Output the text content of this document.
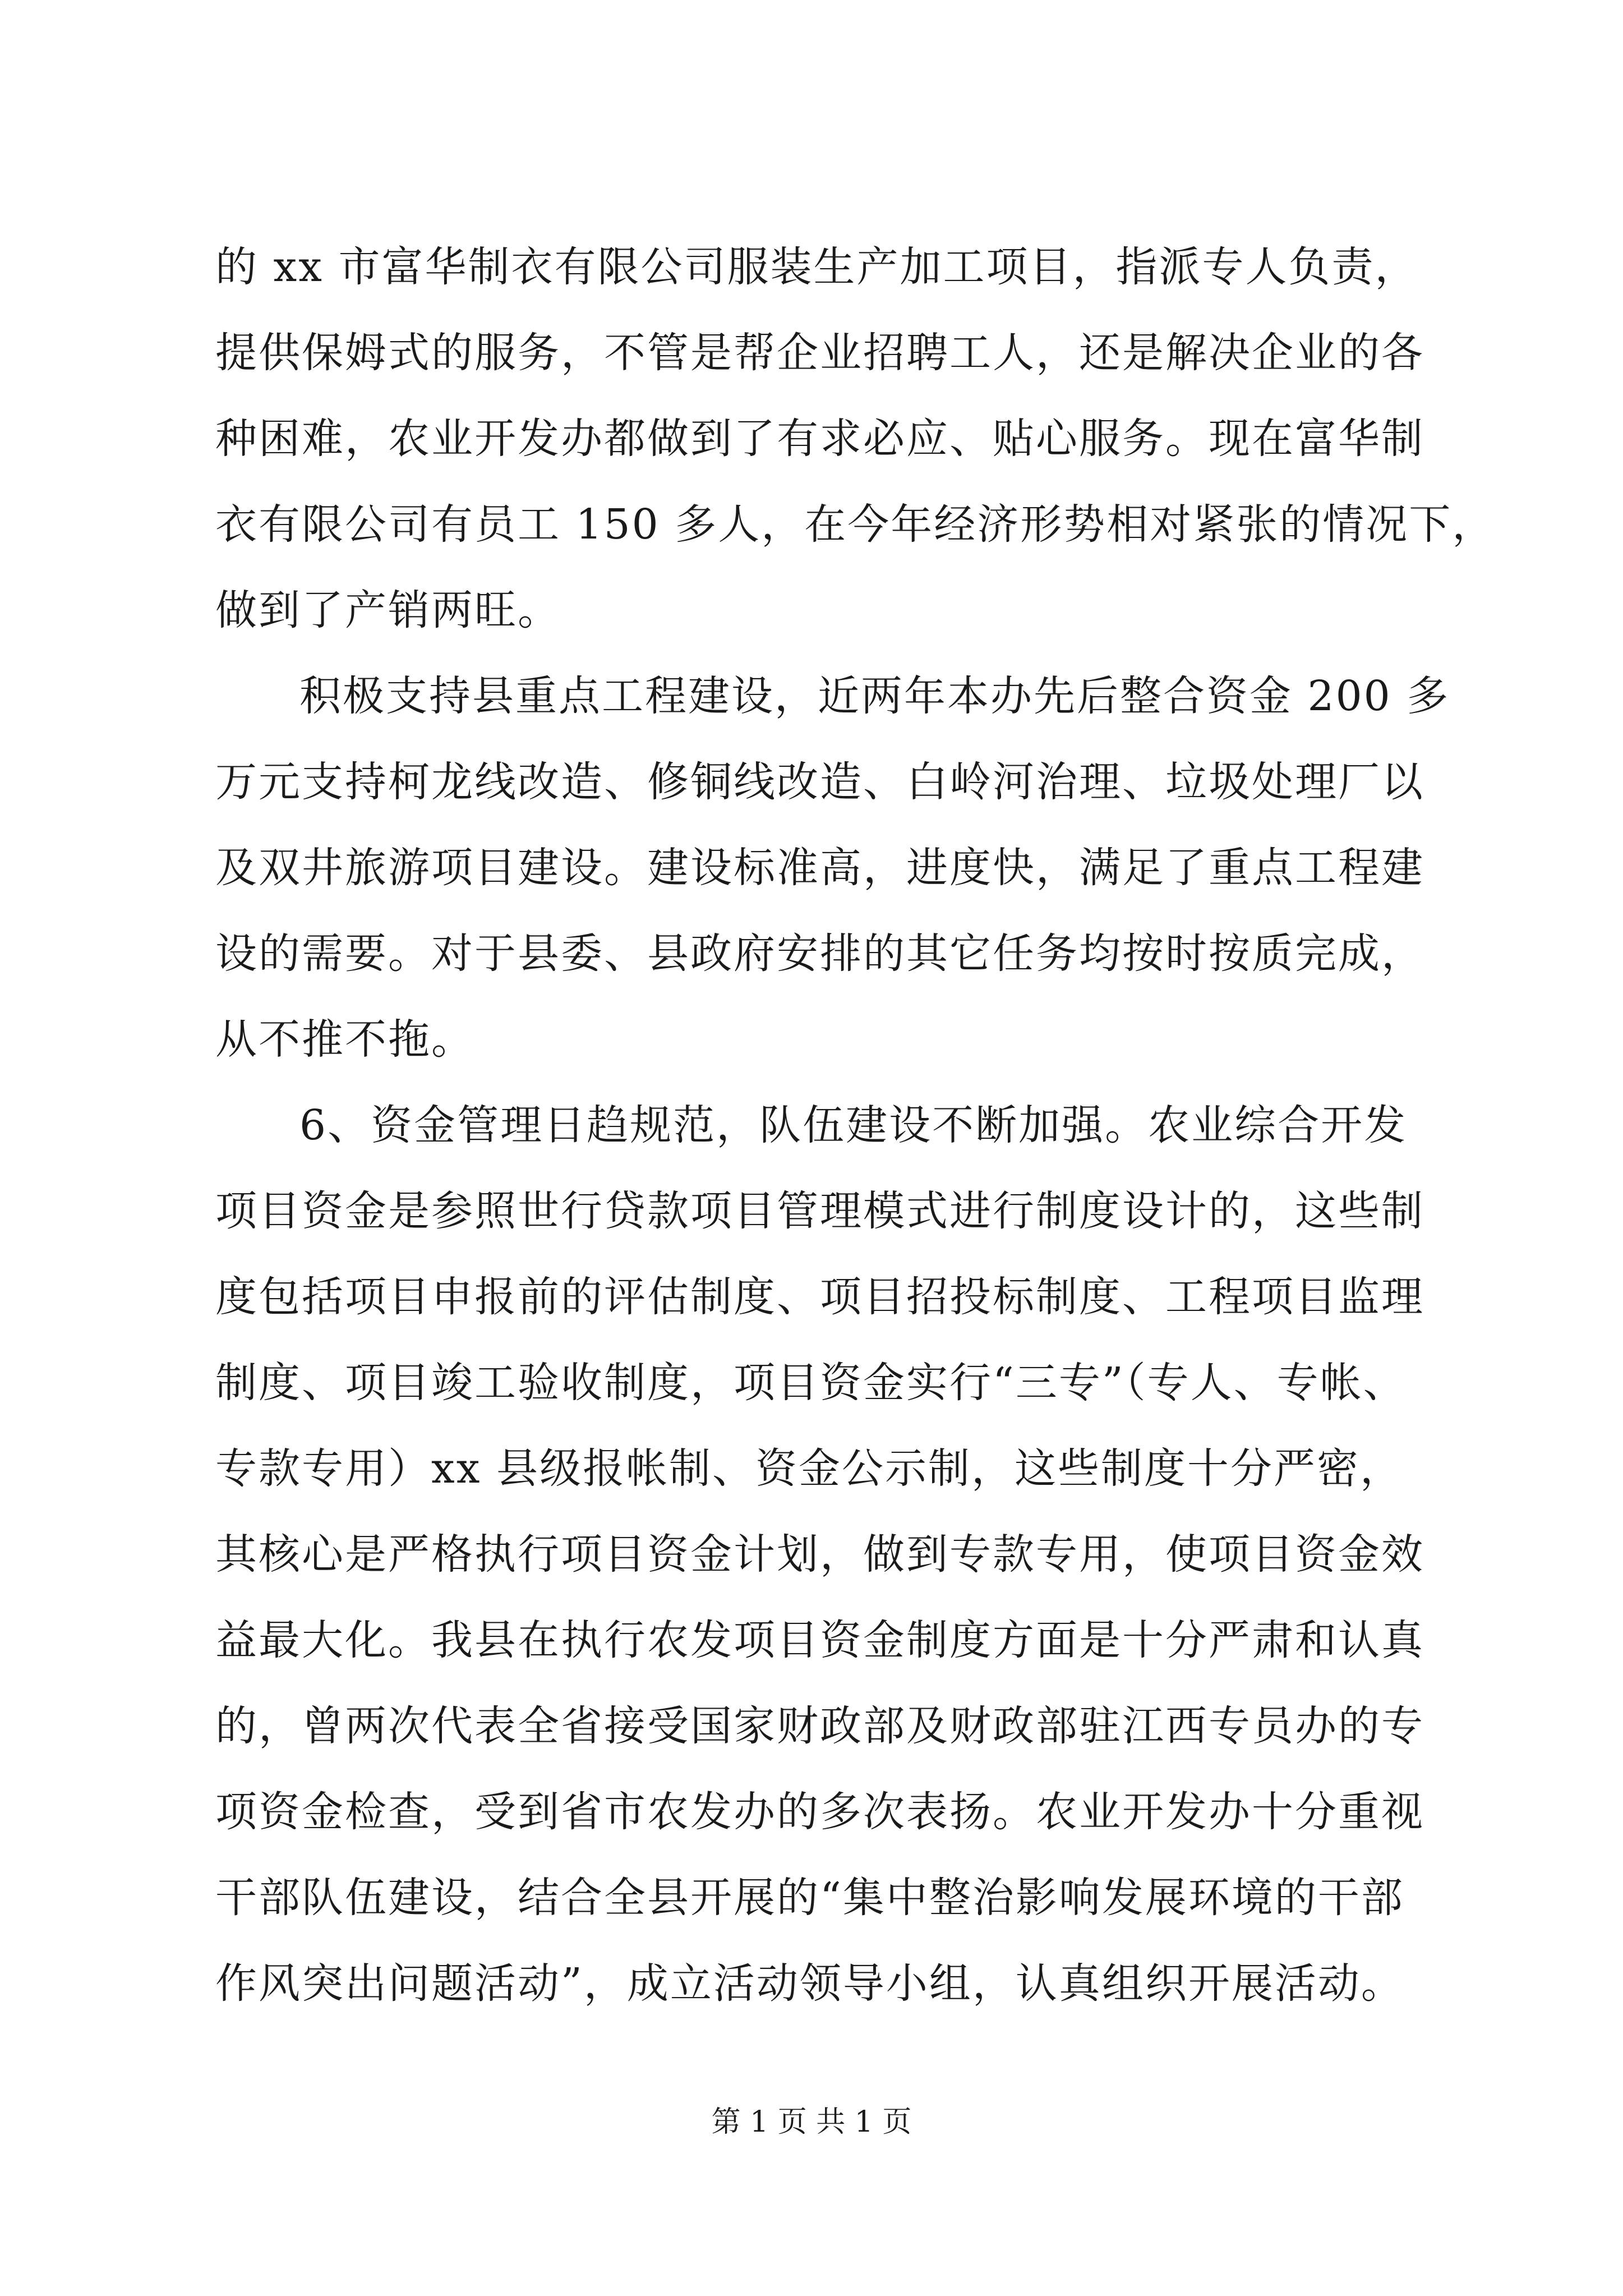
的 xx 市富华制衣有限公司服装生产加工项目，指派专人负责，
提供保姆式的服务，不管是帮企业招聘工人，还是解决企业的各
种困难，农业开发办都做到了有求必应、贴心服务。现在富华制
衣有限公司有员工 150 多人，在今年经济形势相对紧张的情况下，
做到了产销两旺。
积极支持县重点工程建设，近两年本办先后整合资金 200 多
万元支持柯龙线改造、修铜线改造、白岭河治理、垃圾处理厂以
及双井旅游项目建设。建设标准高，进度快，满足了重点工程建
设的需要。对于县委、县政府安排的其它任务均按时按质完成，
从不推不拖。
6、资金管理日趋规范，队伍建设不断加强。农业综合开发
项目资金是参照世行贷款项目管理模式进行制度设计的，这些制
度包括项目申报前的评估制度、项目招投标制度、工程项目监理
制度、项目竣工验收制度，项目资金实行“三专”（专人、专帐、
专款专用）xx 县级报帐制、资金公示制，这些制度十分严密，
其核心是严格执行项目资金计划，做到专款专用，使项目资金效
益最大化。我县在执行农发项目资金制度方面是十分严肃和认真
的，曾两次代表全省接受国家财政部及财政部驻江西专员办的专
项资金检查，受到省市农发办的多次表扬。农业开发办十分重视
干部队伍建设，结合全县开展的“集中整治影响发展环境的干部
作风突出问题活动”，成立活动领导小组，认真组织开展活动。
第 1 页 共 1 页
